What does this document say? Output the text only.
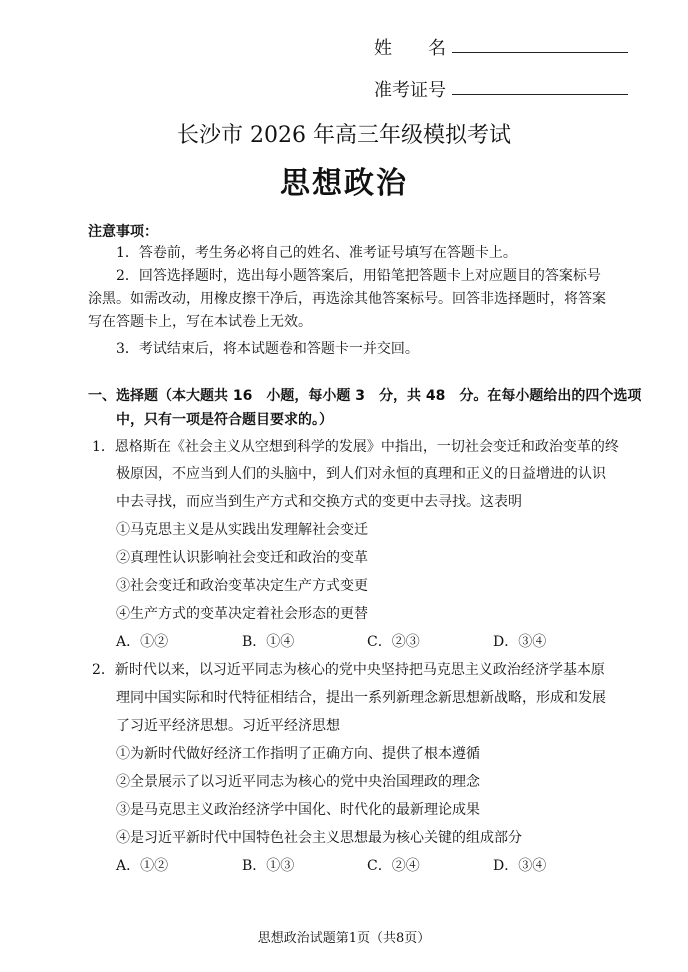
姓　　名
准考证号
长沙市 2026 年高三年级模拟考试
思想政治
注意事项：
1．答卷前，考生务必将自己的姓名、准考证号填写在答题卡上。
2．回答选择题时，选出每小题答案后，用铅笔把答题卡上对应题目的答案标号
涂黑。如需改动，用橡皮擦干净后，再选涂其他答案标号。回答非选择题时，将答案
写在答题卡上，写在本试卷上无效。
3．考试结束后，将本试题卷和答题卡一并交回。
一、选择题（本大题共 16　小题，每小题 3　分，共 48　分。在每小题给出的四个选项
中，只有一项是符合题目要求的。）
1．恩格斯在《社会主义从空想到科学的发展》中指出，一切社会变迁和政治变革的终
极原因，不应当到人们的头脑中，到人们对永恒的真理和正义的日益增进的认识
中去寻找，而应当到生产方式和交换方式的变更中去寻找。这表明
①马克思主义是从实践出发理解社会变迁
②真理性认识影响社会变迁和政治的变革
③社会变迁和政治变革决定生产方式变更
④生产方式的变革决定着社会形态的更替
A．①②	B．①④	C．②③	D．③④
2．新时代以来，以习近平同志为核心的党中央坚持把马克思主义政治经济学基本原
理同中国实际和时代特征相结合，提出一系列新理念新思想新战略，形成和发展
了习近平经济思想。习近平经济思想
①为新时代做好经济工作指明了正确方向、提供了根本遵循
②全景展示了以习近平同志为核心的党中央治国理政的理念
③是马克思主义政治经济学中国化、时代化的最新理论成果
④是习近平新时代中国特色社会主义思想最为核心关键的组成部分
A．①②	B．①③	C．②④	D．③④
思想政治试题第1页（共8页）
